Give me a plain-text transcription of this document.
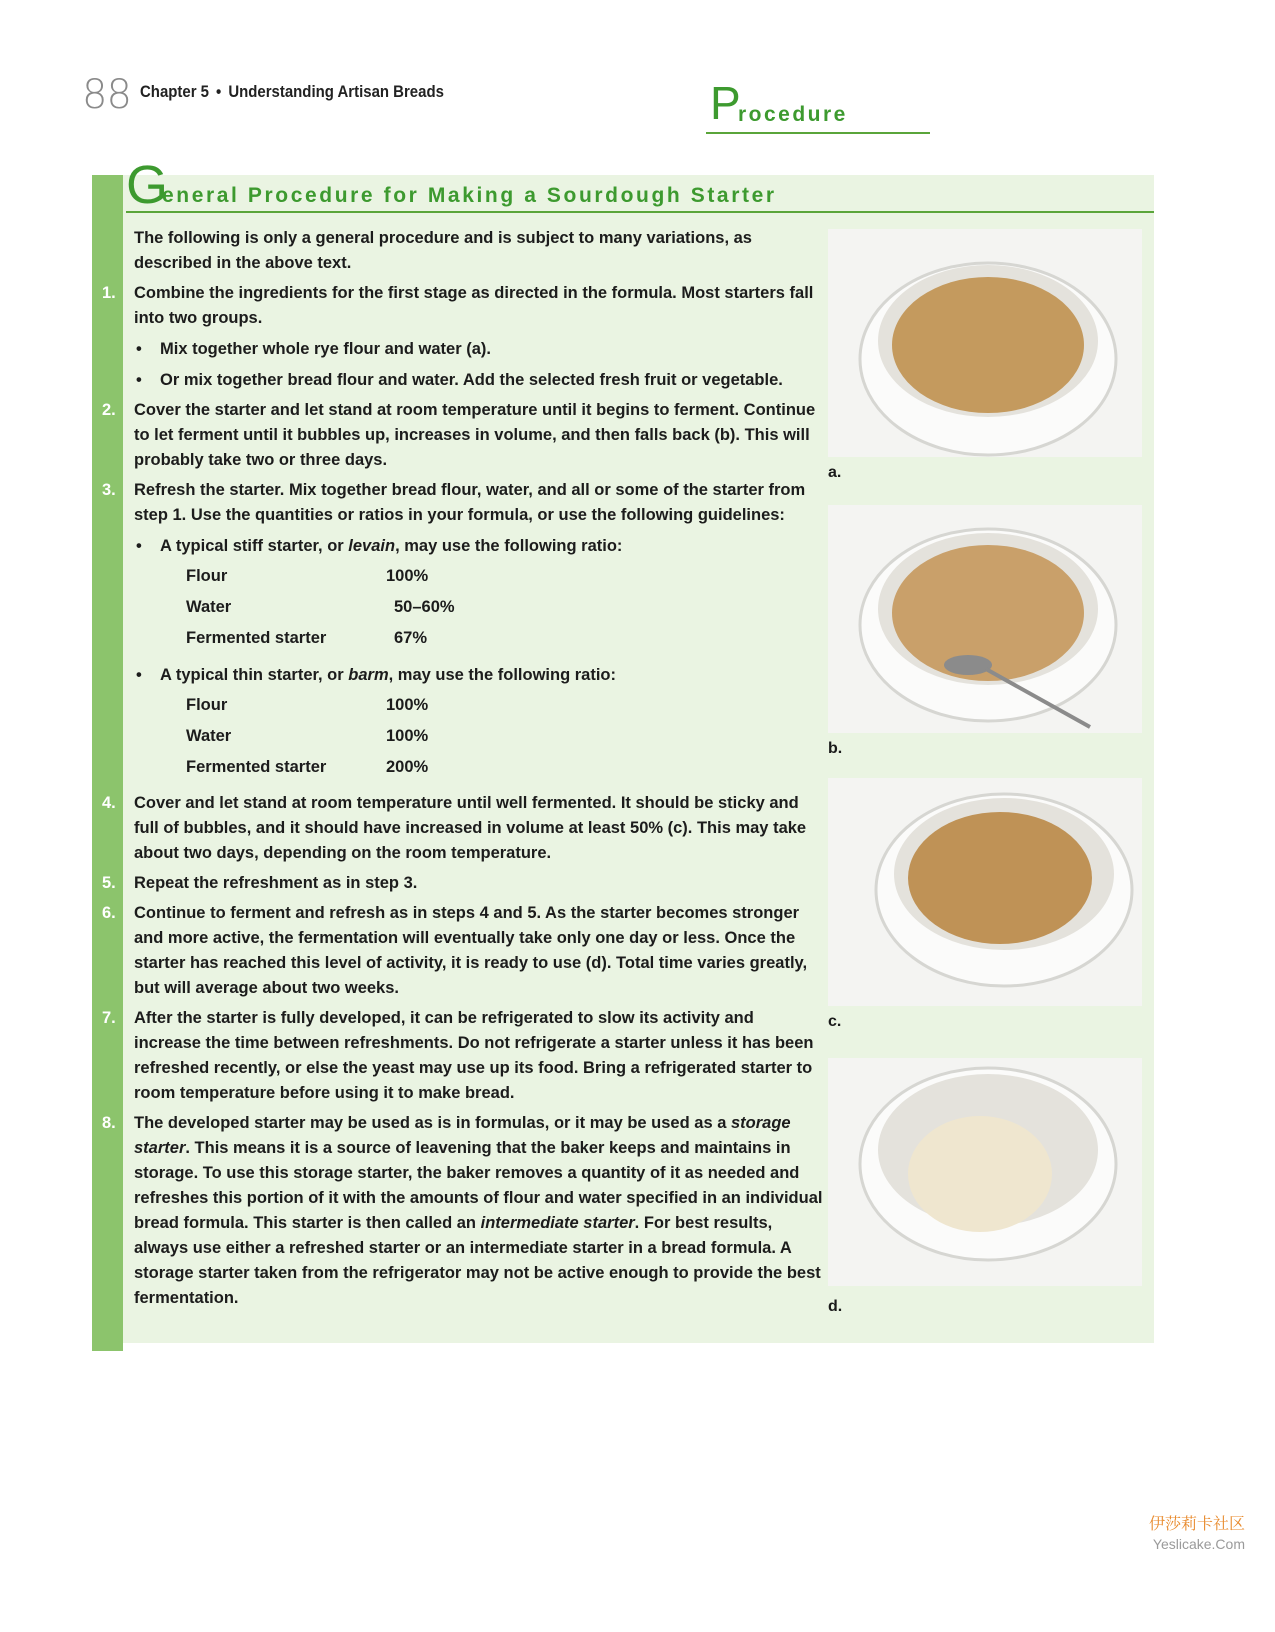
88 Chapter 5 • Understanding Artisan Breads	P
rocedure
G
eneral Procedure for Making a Sourdough Starter

The following is only a general procedure and is subject to many variations, as described in the above text.

1.	Combine the ingredients for the first stage as directed in the formula. Most starters fall into two groups.

• Mix together whole rye flour and water (a).
• Or mix together bread flour and water. Add the selected fresh fruit or vegetable.
2.	Cover the starter and let stand at room temperature until it begins to ferment. Continue to let ferment until it bubbles up, increases in volume, and then falls back (b). This will probably take two or three days.

3.	Refresh the starter. Mix together bread flour, water, and all or some of the starter from step 1. Use the quantities or ratios in your formula, or use the following guidelines:

• A typical stiff starter, or levain, may use the following ratio:
Flour	100%
Water	50–60%
Fermented starter	67%
• A typical thin starter, or barm, may use the following ratio:
Flour	100%
Water	100%
Fermented starter	200%
4.	Cover and let stand at room temperature until well fermented. It should be sticky and full of bubbles, and it should have increased in volume at least 50% (c). This may take about two days, depending on the room temperature.

5.	Repeat the refreshment as in step 3.

6.	Continue to ferment and refresh as in steps 4 and 5. As the starter becomes stronger and more active, the fermentation will eventually take only one day or less. Once the starter has reached this level of activity, it is ready to use (d). Total time varies greatly, but will average about two weeks.

7.	After the starter is fully developed, it can be refrigerated to slow its activity and increase the time between refreshments. Do not refrigerate a starter unless it has been refreshed recently, or else the yeast may use up its food. Bring a refrigerated starter to room temperature before using it to make bread.

8.	The developed starter may be used as is in formulas, or it may be used as a storage starter. This means it is a source of leavening that the baker keeps and maintains in storage. To use this storage starter, the baker removes a quantity of it as needed and refreshes this portion of it with the amounts of flour and water specified in an individual bread formula. This starter is then called an intermediate starter. For best results, always use either a refreshed starter or an intermediate starter in a bread formula. A storage starter taken from the refrigerator may not be active enough to provide the best fermentation.

a.
b.
c.
d.
伊莎莉卡社区
Yeslicake.Com
